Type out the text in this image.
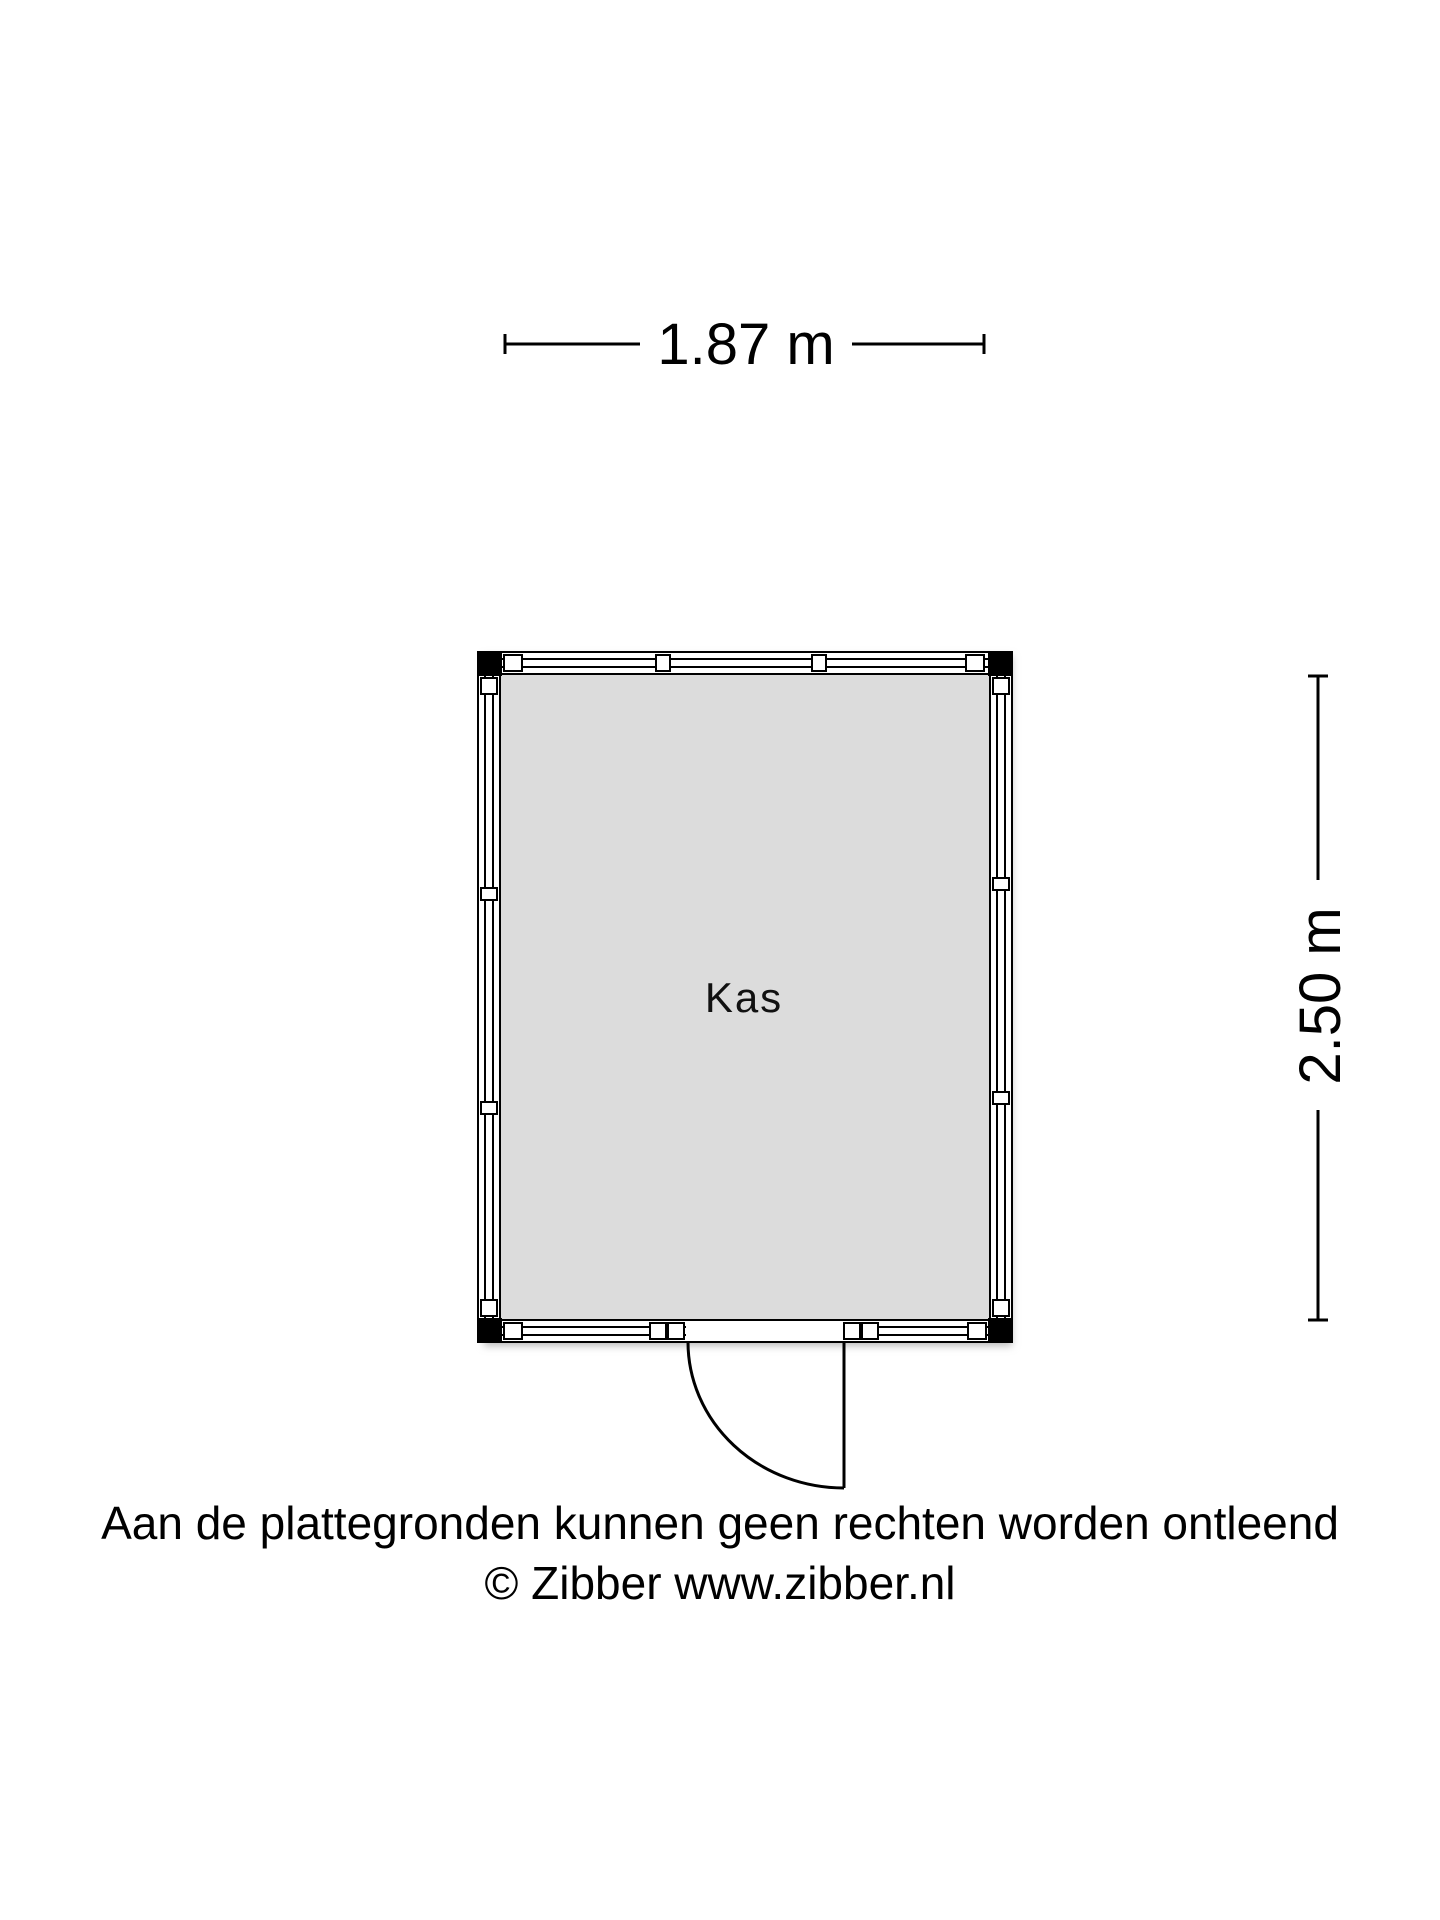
1.87 m
2.50 m
Kas
Aan de plattegronden kunnen geen rechten worden ontleend
© Zibber www.zibber.nl
